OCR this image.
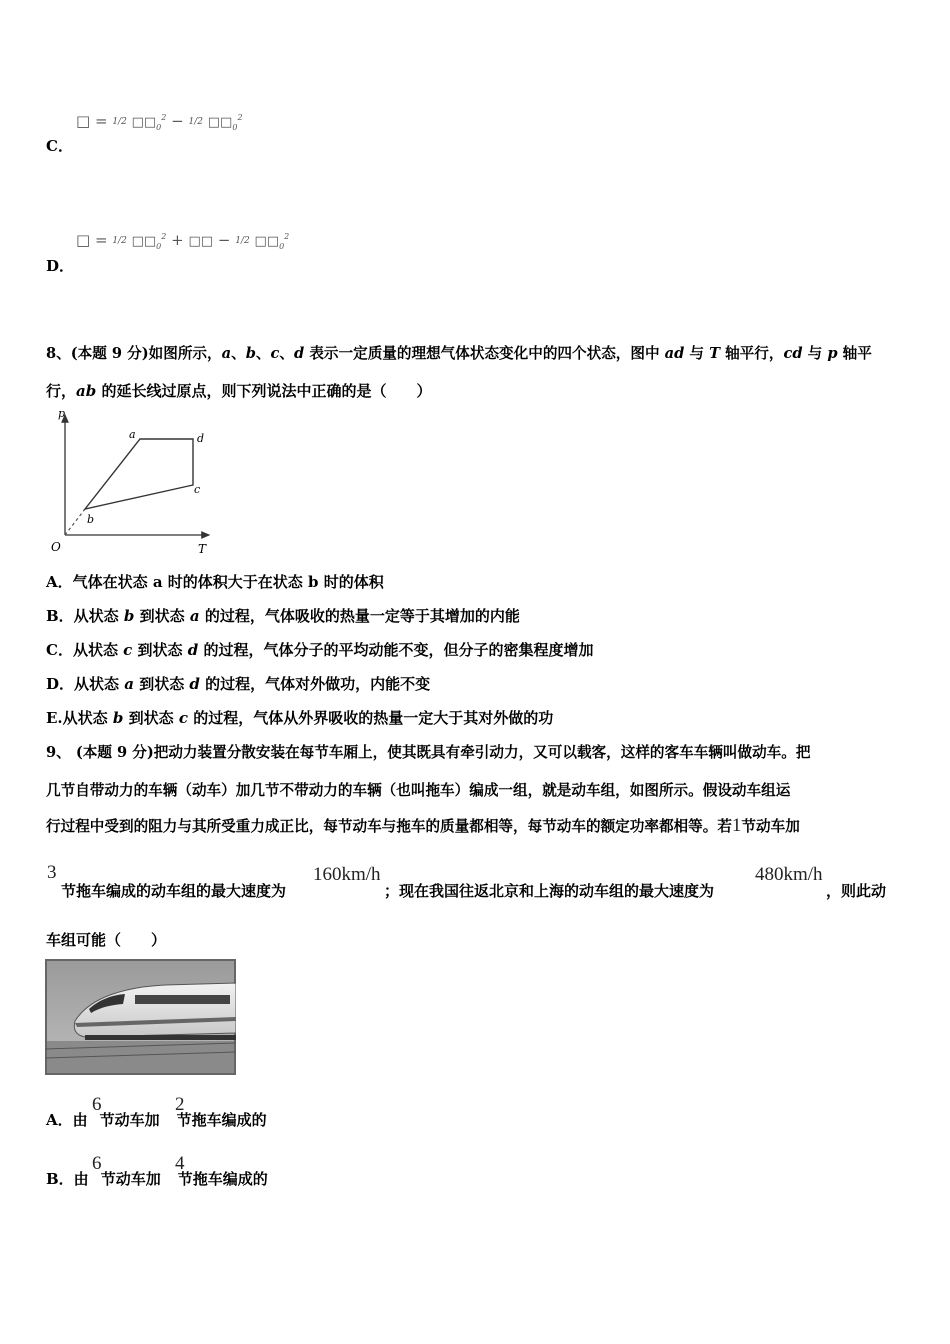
□ = 1/2 $□□_0^2 - 1/2$ $□□_0^2$
C．
□ = 1/2 $□□_0^2$ + □□ − 1/2 $□□_0^2$
D．
8、(本题 9 分)如图所示，a、b、c、d 表示一定质量的理想气体状态变化中的四个状态，图中 ad 与 T 轴平行，cd 与 p 轴平
行，ab 的延长线过原点，则下列说法中正确的是（　　）
p
T
O
a	d
c
b
A．气体在状态 a 时的体积大于在状态 b 时的体积
B．从状态 b 到状态 a 的过程，气体吸收的热量一定等于其增加的内能
C．从状态 c 到状态 d 的过程，气体分子的平均动能不变，但分子的密集程度增加
D．从状态 a 到状态 d 的过程，气体对外做功，内能不变
E.从状态 b 到状态 c 的过程，气体从外界吸收的热量一定大于其对外做的功
9、 (本题 9 分)把动力装置分散安装在每节车厢上，使其既具有牵引动力，又可以载客，这样的客车车辆叫做动车。把
几节自带动力的车辆（动车）加几节不带动力的车辆（也叫拖车）编成一组，就是动车组，如图所示。假设动车组运
行过程中受到的阻力与其所受重力成正比，每节动车与拖车的质量都相等，每节动车的额定功率都相等。若1节动车加
3
节拖车编成的动车组的最大速度为
160km/h
；现在我国往返北京和上海的动车组的最大速度为
480km/h
，则此动
车组可能（　　）
6	2
A．由 节动车加 节拖车编成的
6	4
B．由 节动车加 节拖车编成的
